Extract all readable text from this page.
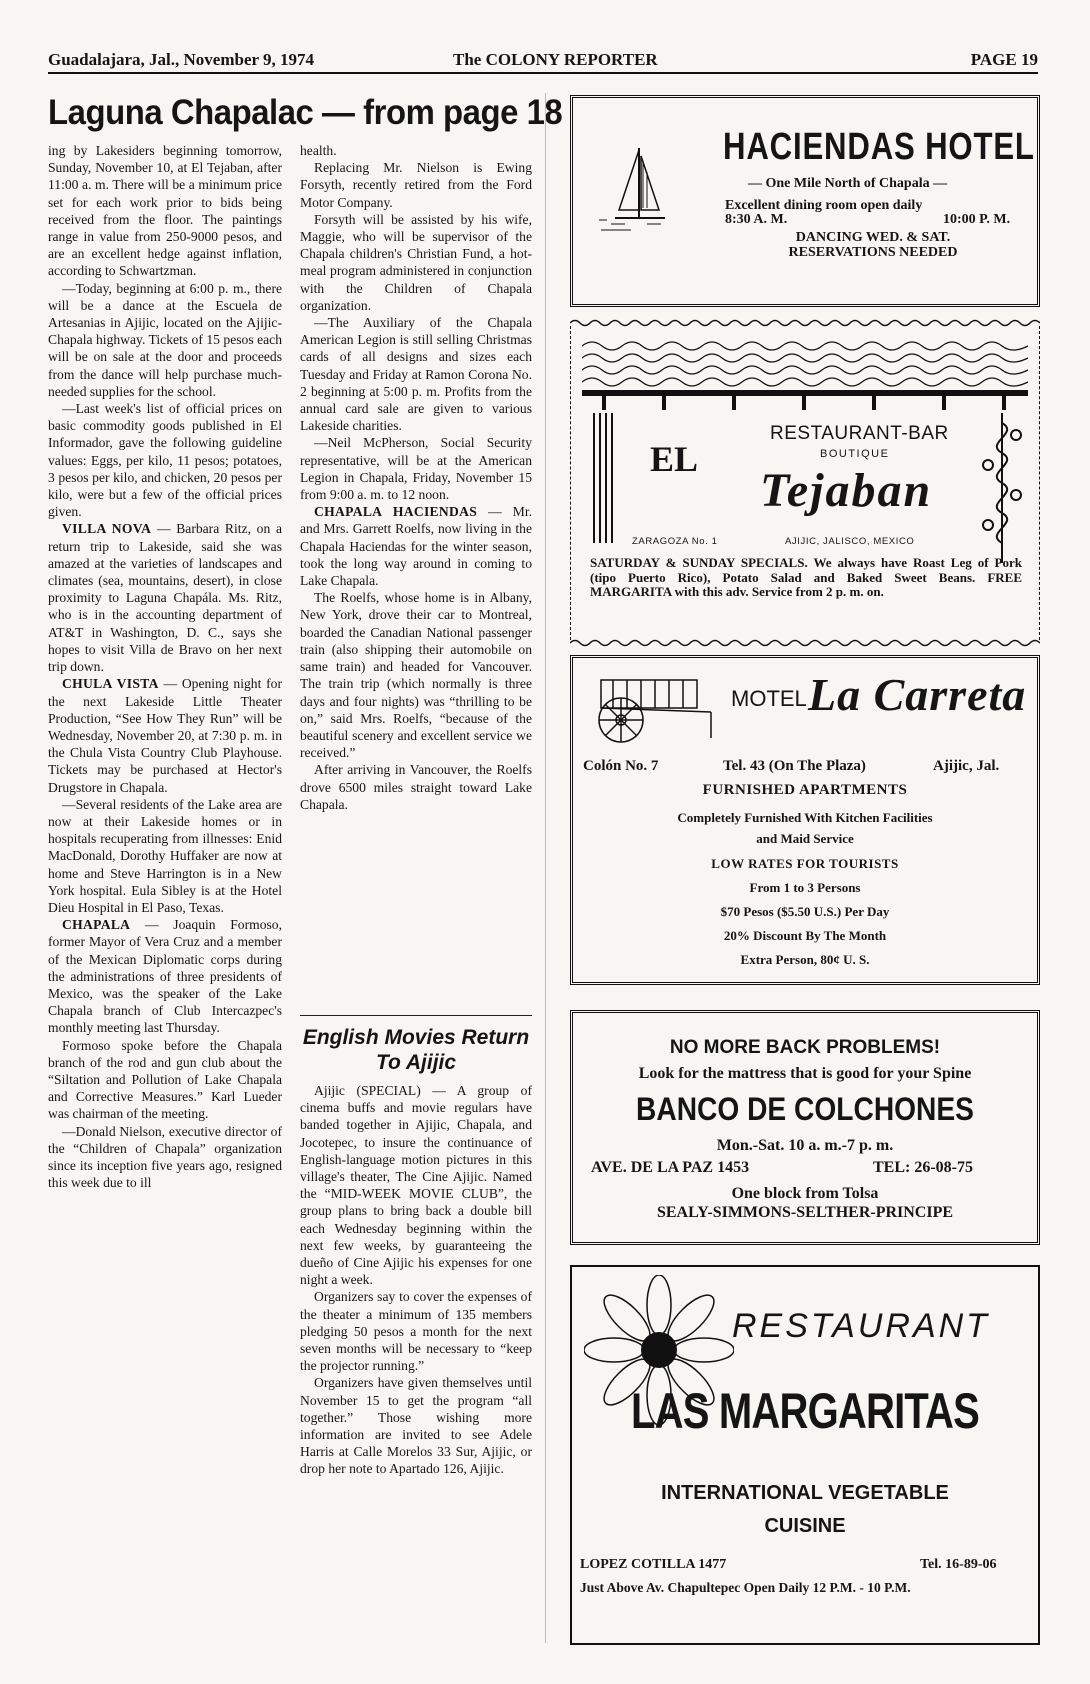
Guadalajara, Jal., November 9, 1974	The COLONY REPORTER	PAGE 19
Laguna Chapalac — from page 18

ing by Lakesiders beginning tomorrow, Sunday, November 10, at El Tejaban, after 11:00 a. m. There will be a minimum price set for each work prior to bids being received from the floor. The paintings range in value from 250-9000 pesos, and are an excellent hedge against inflation, according to Schwartzman.

—Today, beginning at 6:00 p. m., there will be a dance at the Escuela de Artesanias in Ajijic, located on the Ajijic-Chapala highway. Tickets of 15 pesos each will be on sale at the door and proceeds from the dance will help purchase much-needed supplies for the school.

—Last week's list of official prices on basic commodity goods published in El Informador, gave the following guideline values: Eggs, per kilo, 11 pesos; potatoes, 3 pesos per kilo, and chicken, 20 pesos per kilo, were but a few of the official prices given.

VILLA NOVA — Barbara Ritz, on a return trip to Lakeside, said she was amazed at the varieties of landscapes and climates (sea, mountains, desert), in close proximity to Laguna Chapála. Ms. Ritz, who is in the accounting department of AT&T in Washington, D. C., says she hopes to visit Villa de Bravo on her next trip down.

CHULA VISTA — Opening night for the next Lakeside Little Theater Production, “See How They Run” will be Wednesday, November 20, at 7:30 p. m. in the Chula Vista Country Club Playhouse. Tickets may be purchased at Hector's Drugstore in Chapala.

—Several residents of the Lake area are now at their Lakeside homes or in hospitals recuperating from illnesses: Enid MacDonald, Dorothy Huffaker are now at home and Steve Harrington is in a New York hospital. Eula Sibley is at the Hotel Dieu Hospital in El Paso, Texas.

CHAPALA — Joaquin Formoso, former Mayor of Vera Cruz and a member of the Mexican Diplomatic corps during the administrations of three presidents of Mexico, was the speaker of the Lake Chapala branch of Club Intercazpec's monthly meeting last Thursday.

Formoso spoke before the Chapala branch of the rod and gun club about the “Siltation and Pollution of Lake Chapala and Corrective Measures.” Karl Lueder was chairman of the meeting.

—Donald Nielson, executive director of the “Children of Chapala” organization since its inception five years ago, resigned this week due to ill

health.

Replacing Mr. Nielson is Ewing Forsyth, recently retired from the Ford Motor Company.

Forsyth will be assisted by his wife, Maggie, who will be supervisor of the Chapala children's Christian Fund, a hot-meal program administered in conjunction with the Children of Chapala organization.

—The Auxiliary of the Chapala American Legion is still selling Christmas cards of all designs and sizes each Tuesday and Friday at Ramon Corona No. 2 beginning at 5:00 p. m. Profits from the annual card sale are given to various Lakeside charities.

—Neil McPherson, Social Security representative, will be at the American Legion in Chapala, Friday, November 15 from 9:00 a. m. to 12 noon.

CHAPALA HACIENDAS — Mr. and Mrs. Garrett Roelfs, now living in the Chapala Haciendas for the winter season, took the long way around in coming to Lake Chapala.

The Roelfs, whose home is in Albany, New York, drove their car to Montreal, boarded the Canadian National passenger train (also shipping their automobile on same train) and headed for Vancouver. The train trip (which normally is three days and four nights) was “thrilling to be on,” said Mrs. Roelfs, “because of the beautiful scenery and excellent service we received.”

After arriving in Vancouver, the Roelfs drove 6500 miles straight toward Lake Chapala.

English Movies Return To Ajijic

Ajijic (SPECIAL) — A group of cinema buffs and movie regulars have banded together in Ajijic, Chapala, and Jocotepec, to insure the continuance of English-language motion pictures in this village's theater, The Cine Ajijic. Named the “MID-WEEK MOVIE CLUB”, the group plans to bring back a double bill each Wednesday beginning within the next few weeks, by guaranteeing the dueño of Cine Ajijic his expenses for one night a week.

Organizers say to cover the expenses of the theater a minimum of 135 members pledging 50 pesos a month for the next seven months will be necessary to “keep the projector running.”

Organizers have given themselves until November 15 to get the program “all together.” Those wishing more information are invited to see Adele Harris at Calle Morelos 33 Sur, Ajijic, or drop her note to Apartado 126, Ajijic.

HACIENDAS HOTEL
— One Mile North of Chapala —
Excellent dining room open daily
8:30 A. M.	10:00 P. M.
DANCING WED. & SAT.
RESERVATIONS NEEDED
EL
RESTAURANT-BAR
BOUTIQUE
Tejaban
ZARAGOZA No. 1	AJIJIC, JALISCO, MEXICO
SATURDAY & SUNDAY SPECIALS. We always have Roast Leg of Pork (tipo Puerto Rico), Potato Salad and Baked Sweet Beans. FREE MARGARITA with this adv. Service from 2 p. m. on.
MOTEL La Carreta
Colón No. 7	Tel. 43 (On The Plaza)	Ajijic, Jal.
FURNISHED APARTMENTS
Completely Furnished With Kitchen Facilities
and Maid Service
LOW RATES FOR TOURISTS
From 1 to 3 Persons
$70 Pesos ($5.50 U.S.) Per Day
20% Discount By The Month
Extra Person, 80¢ U. S.
NO MORE BACK PROBLEMS!
Look for the mattress that is good for your Spine
BANCO DE COLCHONES
Mon.-Sat. 10 a. m.-7 p. m.
AVE. DE LA PAZ 1453	TEL: 26-08-75
One block from Tolsa
SEALY-SIMMONS-SELTHER-PRINCIPE
RESTAURANT
LAS MARGARITAS
INTERNATIONAL VEGETABLE
CUISINE
LOPEZ COTILLA 1477	Tel. 16-89-06
Just Above Av. Chapultepec Open Daily 12 P.M. - 10 P.M.
